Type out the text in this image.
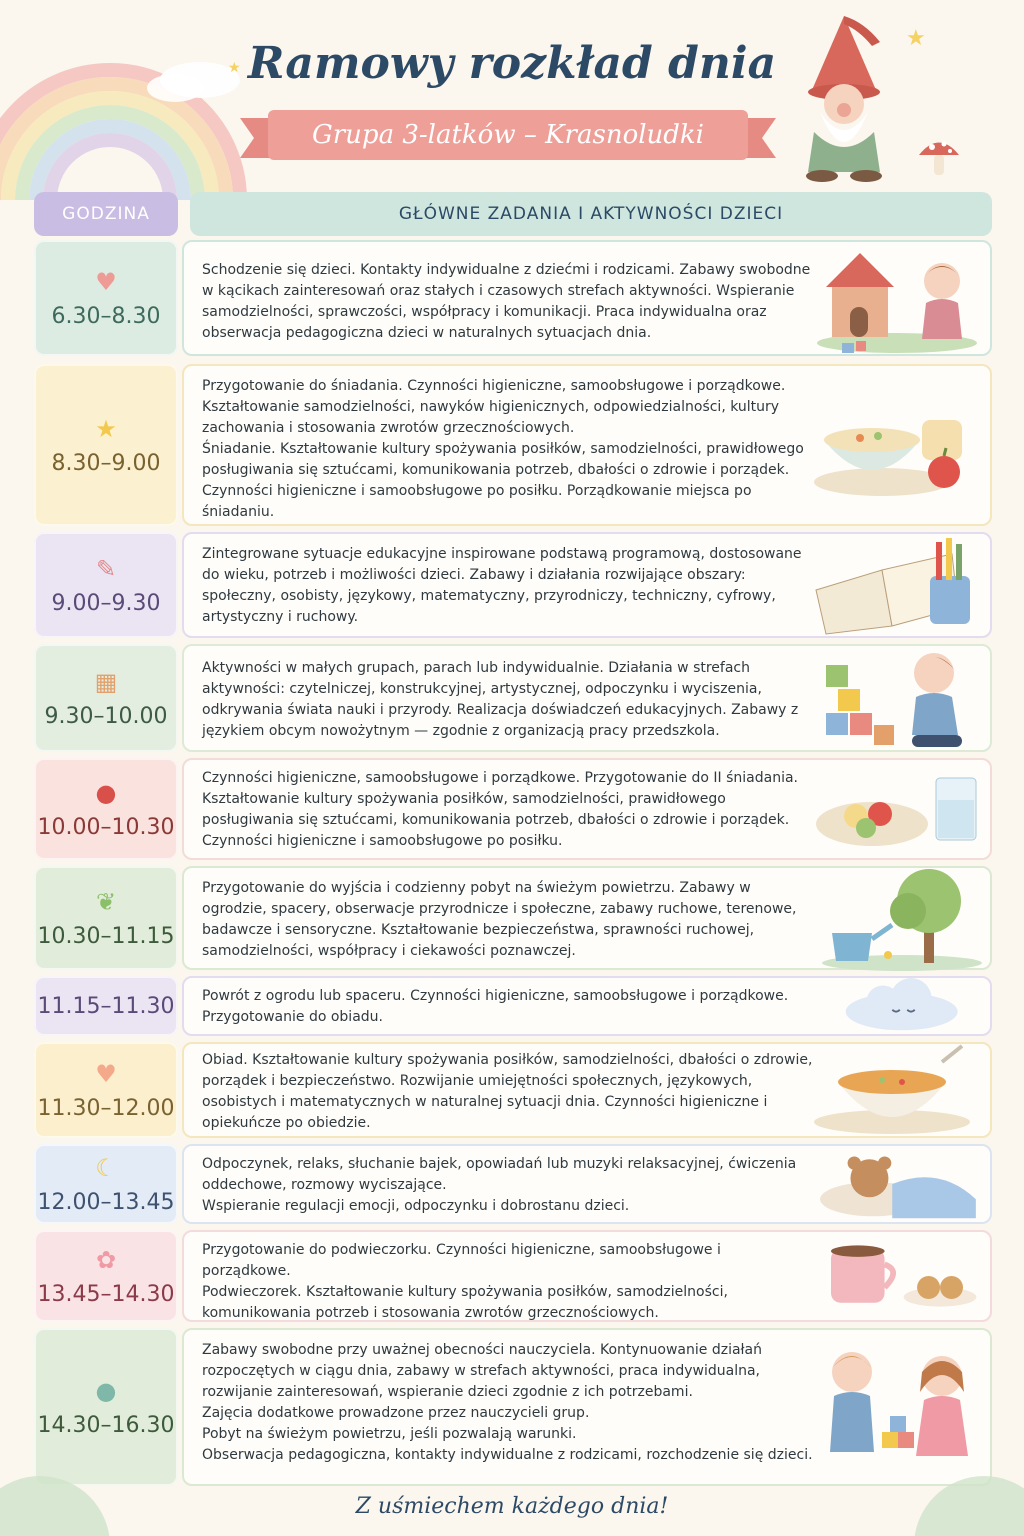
Ramowy rozkład dnia
Grupa 3-latków – Krasnoludki
★
★
GODZINA	GŁÓWNE ZADANIA I AKTYWNOŚCI DZIECI
♥
6.30–8.30

Schodzenie się dzieci. Kontakty indywidualne z dziećmi i rodzicami. Zabawy swobodne w kącikach zainteresowań oraz stałych i czasowych strefach aktywności. Wspieranie samodzielności, sprawczości, współpracy i komunikacji. Praca indywidualna oraz obserwacja pedagogiczna dzieci w naturalnych sytuacjach dnia.

★
8.30–9.00

Przygotowanie do śniadania. Czynności higieniczne, samoobsługowe i porządkowe. Kształtowanie samodzielności, nawyków higienicznych, odpowiedzialności, kultury zachowania i stosowania zwrotów grzecznościowych.

Śniadanie. Kształtowanie kultury spożywania posiłków, samodzielności, prawidłowego posługiwania się sztućcami, komunikowania potrzeb, dbałości o zdrowie i porządek. Czynności higieniczne i samoobsługowe po posiłku. Porządkowanie miejsca po śniadaniu.

✎
9.00–9.30

Zintegrowane sytuacje edukacyjne inspirowane podstawą programową, dostosowane do wieku, potrzeb i możliwości dzieci. Zabawy i działania rozwijające obszary: społeczny, osobisty, językowy, matematyczny, przyrodniczy, techniczny, cyfrowy, artystyczny i ruchowy.

▦
9.30–10.00

Aktywności w małych grupach, parach lub indywidualnie. Działania w strefach aktywności: czytelniczej, konstrukcyjnej, artystycznej, odpoczynku i wyciszenia, odkrywania świata nauki i przyrody. Realizacja doświadczeń edukacyjnych. Zabawy z językiem obcym nowożytnym — zgodnie z organizacją pracy przedszkola.

●
10.00–10.30

Czynności higieniczne, samoobsługowe i porządkowe. Przygotowanie do II śniadania. Kształtowanie kultury spożywania posiłków, samodzielności, prawidłowego posługiwania się sztućcami, komunikowania potrzeb, dbałości o zdrowie i porządek. Czynności higieniczne i samoobsługowe po posiłku.

❦
10.30–11.15

Przygotowanie do wyjścia i codzienny pobyt na świeżym powietrzu. Zabawy w ogrodzie, spacery, obserwacje przyrodnicze i społeczne, zabawy ruchowe, terenowe, badawcze i sensoryczne. Kształtowanie bezpieczeństwa, sprawności ruchowej, samodzielności, współpracy i ciekawości poznawczej.

11.15–11.30 Powrót z ogrodu lub spaceru. Czynności higieniczne, samoobsługowe i porządkowe. Przygotowanie do obiadu.

♥
11.30–12.00

Obiad. Kształtowanie kultury spożywania posiłków, samodzielności, dbałości o zdrowie, porządek i bezpieczeństwo. Rozwijanie umiejętności społecznych, językowych, osobistych i matematycznych w naturalnej sytuacji dnia. Czynności higieniczne i opiekuńcze po obiedzie.

☾
12.00–13.45

Odpoczynek, relaks, słuchanie bajek, opowiadań lub muzyki relaksacyjnej, ćwiczenia oddechowe, rozmowy wyciszające.

Wspieranie regulacji emocji, odpoczynku i dobrostanu dzieci.

✿
13.45–14.30

Przygotowanie do podwieczorku. Czynności higieniczne, samoobsługowe i porządkowe.

Podwieczorek. Kształtowanie kultury spożywania posiłków, samodzielności, komunikowania potrzeb i stosowania zwrotów grzecznościowych.

●
14.30–16.30

Zabawy swobodne przy uważnej obecności nauczyciela. Kontynuowanie działań rozpoczętych w ciągu dnia, zabawy w strefach aktywności, praca indywidualna, rozwijanie zainteresowań, wspieranie dzieci zgodnie z ich potrzebami.

Zajęcia dodatkowe prowadzone przez nauczycieli grup.

Pobyt na świeżym powietrzu, jeśli pozwalają warunki.

Obserwacja pedagogiczna, kontakty indywidualne z rodzicami, rozchodzenie się dzieci.

Z uśmiechem każdego dnia!
